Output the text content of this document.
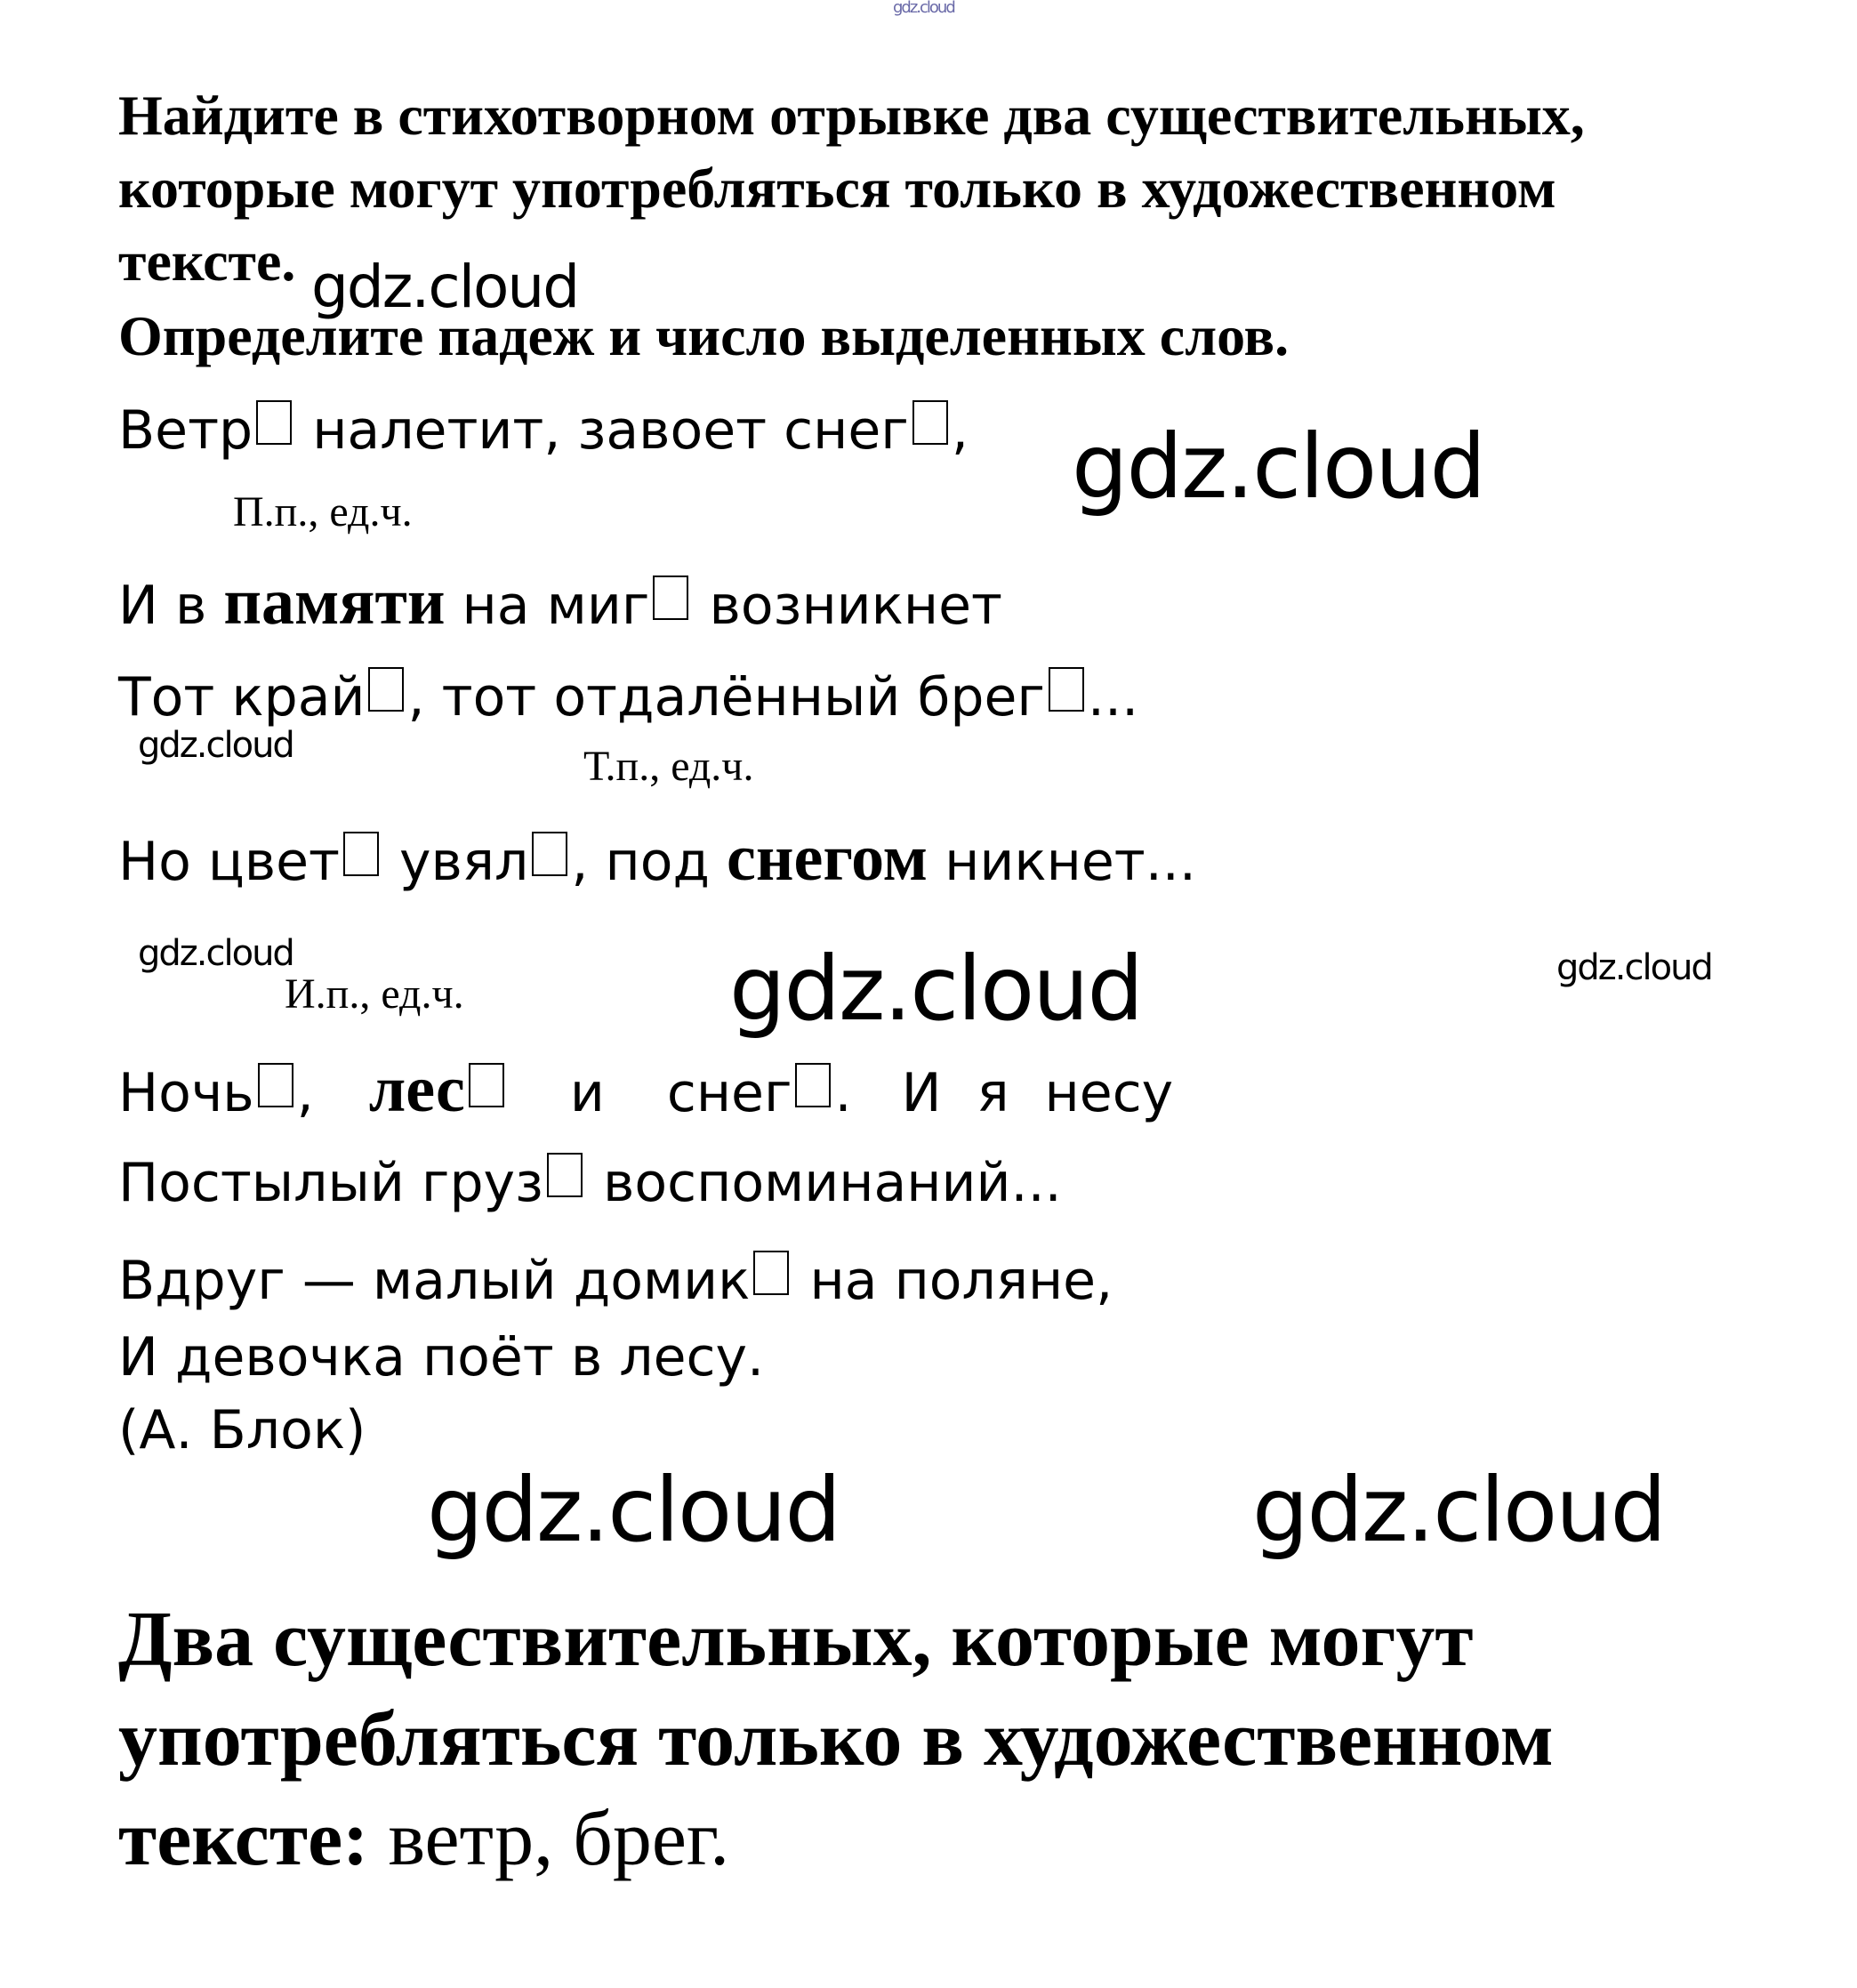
gdz.cloud
Найдите в стихотворном отрывке два существительных,
которые могут употребляться только в художественном
тексте. gdz.cloud
Определите падеж и число выделенных слов.
Ветр налетит, завоет снег , gdz.cloud
П.п., ед.ч.
И в памяти на миг возникнет
Тот край , тот отдалённый брег ...
gdz.cloud	Т.п., ед.ч.
Но цвет увял , под снегом никнет...
gdz.cloud	gdz.cloud
И.п., ед.ч.	gdz.cloud
Ночь , лес и снег . И я несу
Постылый груз воспоминаний...
Вдруг — малый домик на поляне,
И девочка поёт в лесу.
(А. Блок)
gdz.cloud	gdz.cloud
Два существительных, которые могут
употребляться только в художественном
тексте: ветр, брег.
